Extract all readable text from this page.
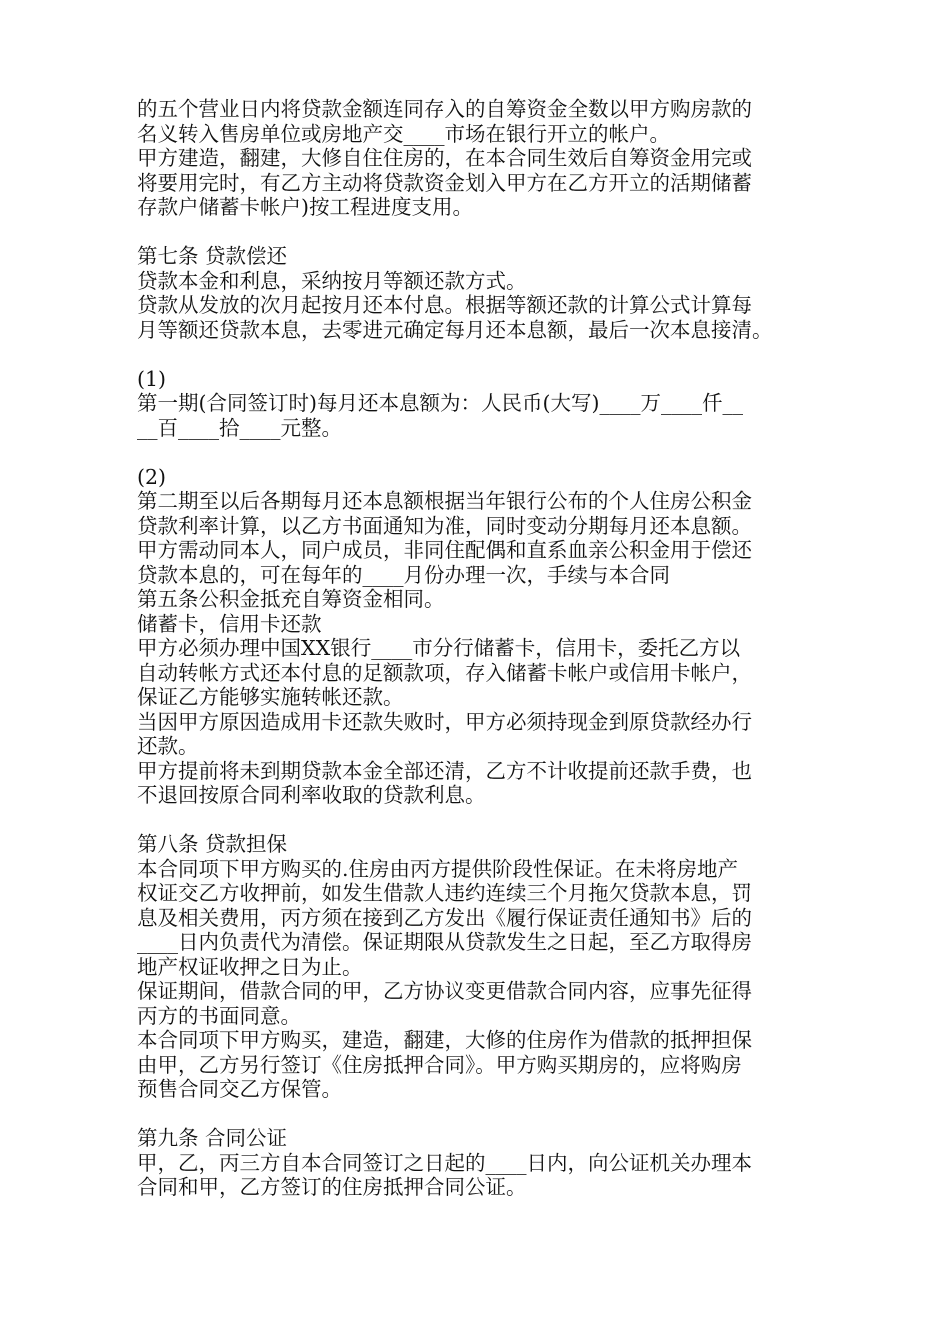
的五个营业日内将贷款金额连同存入的自筹资金全数以甲方购房款的
名义转入售房单位或房地产交____市场在银行开立的帐户。
甲方建造，翻建，大修自住住房的，在本合同生效后自筹资金用完或
将要用完时，有乙方主动将贷款资金划入甲方在乙方开立的活期储蓄
存款户储蓄卡帐户)按工程进度支用。
第七条 贷款偿还
贷款本金和利息，采纳按月等额还款方式。
贷款从发放的次月起按月还本付息。根据等额还款的计算公式计算每
月等额还贷款本息，去零进元确定每月还本息额，最后一次本息接清。
(1)
第一期(合同签订时)每月还本息额为：人民币(大写)____万____仟__
__百____拾____元整。
(2)
第二期至以后各期每月还本息额根据当年银行公布的个人住房公积金
贷款利率计算，以乙方书面通知为准，同时变动分期每月还本息额。
甲方需动同本人，同户成员，非同住配偶和直系血亲公积金用于偿还
贷款本息的，可在每年的____月份办理一次，手续与本合同
第五条公积金抵充自筹资金相同。
储蓄卡，信用卡还款
甲方必须办理中国XX银行____市分行储蓄卡，信用卡，委托乙方以
自动转帐方式还本付息的足额款项，存入储蓄卡帐户或信用卡帐户，
保证乙方能够实施转帐还款。
当因甲方原因造成用卡还款失败时，甲方必须持现金到原贷款经办行
还款。
甲方提前将未到期贷款本金全部还清，乙方不计收提前还款手费，也
不退回按原合同利率收取的贷款利息。
第八条 贷款担保
本合同项下甲方购买的.住房由丙方提供阶段性保证。在未将房地产
权证交乙方收押前，如发生借款人违约连续三个月拖欠贷款本息，罚
息及相关费用，丙方须在接到乙方发出《履行保证责任通知书》后的
____日内负责代为清偿。保证期限从贷款发生之日起，至乙方取得房
地产权证收押之日为止。
保证期间，借款合同的甲，乙方协议变更借款合同内容，应事先征得
丙方的书面同意。
本合同项下甲方购买，建造，翻建，大修的住房作为借款的抵押担保
由甲，乙方另行签订《住房抵押合同》。甲方购买期房的，应将购房
预售合同交乙方保管。
第九条 合同公证
甲，乙，丙三方自本合同签订之日起的____日内，向公证机关办理本
合同和甲，乙方签订的住房抵押合同公证。
